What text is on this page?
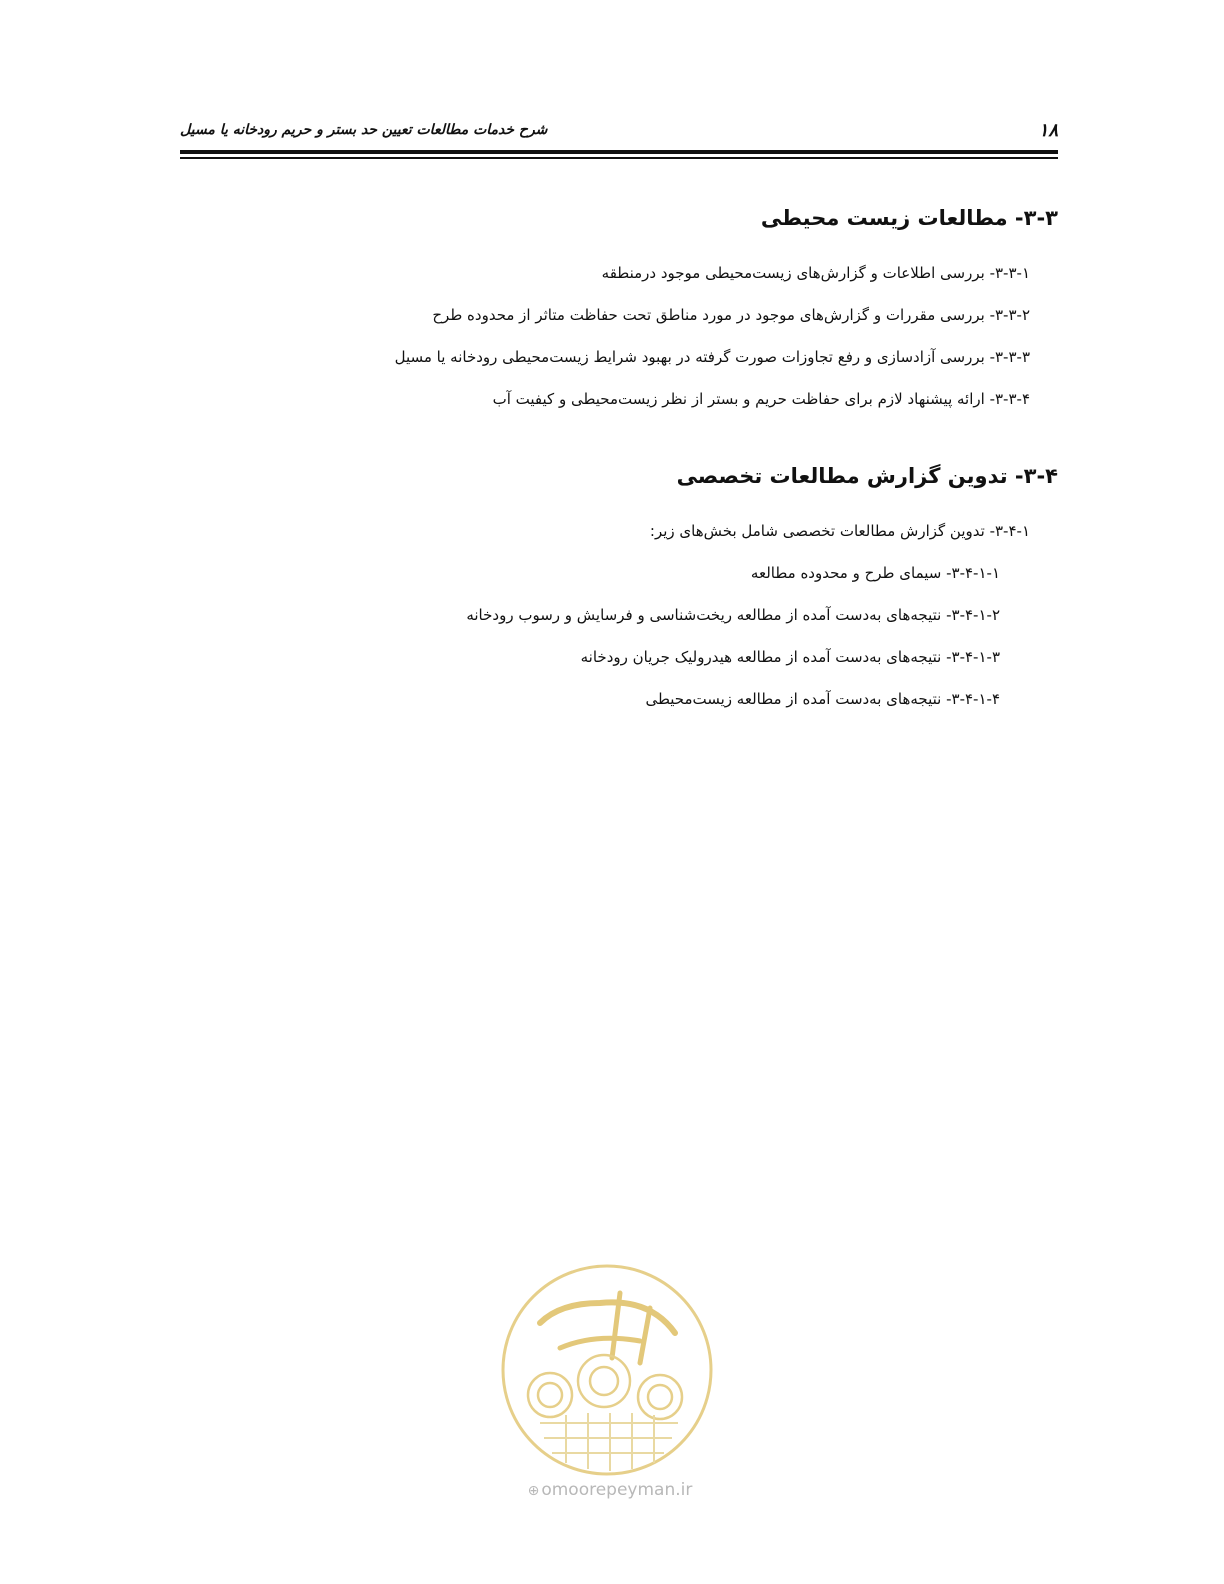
شرح خدمات مطالعات تعیین حد بستر و حریم رودخانه یا مسیل	۱۸
۳-۳- مطالعات زیست محیطی
۳-۳-۱- بررسی اطلاعات و گزارش‌های زیست‌محیطی موجود درمنطقه
۳-۳-۲- بررسی مقررات و گزارش‌های موجود در مورد مناطق تحت حفاظت متاثر از محدوده طرح
۳-۳-۳- بررسی آزادسازی و رفع تجاوزات صورت گرفته در بهبود شرایط زیست‌محیطی رودخانه یا مسیل
۳-۳-۴- ارائه پیشنهاد لازم برای حفاظت حریم و بستر از نظر زیست‌محیطی و کیفیت آب
۳-۴- تدوین گزارش مطالعات تخصصی
۳-۴-۱- تدوین گزارش مطالعات تخصصی شامل بخش‌های زیر:
۳-۴-۱-۱- سیمای طرح و محدوده مطالعه
۳-۴-۱-۲- نتیجه‌های به‌دست آمده از مطالعه ریخت‌شناسی و فرسایش و رسوب رودخانه
۳-۴-۱-۳- نتیجه‌های به‌دست آمده از مطالعه هیدرولیک جریان رودخانه
۳-۴-۱-۴- نتیجه‌های به‌دست آمده از مطالعه زیست‌محیطی
⊕ omoorepeyman.ir
